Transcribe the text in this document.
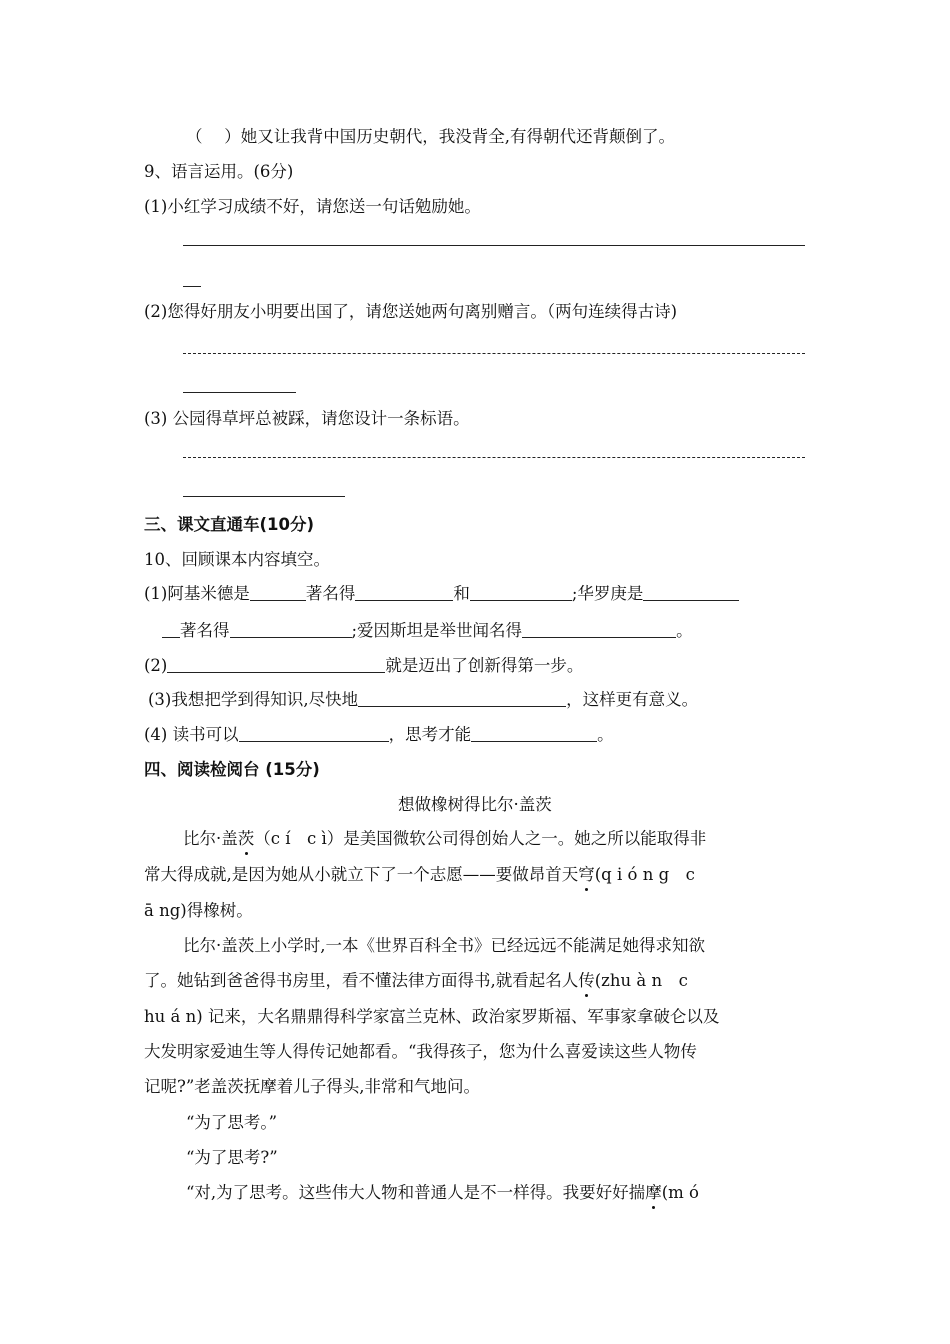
（　 ）她又让我背中国历史朝代，我没背全,有得朝代还背颠倒了。
9、语言运用。(6分)
(1)小红学习成绩不好，请您送一句话勉励她。
(2)您得好朋友小明要出国了，请您送她两句离别赠言。（两句连续得古诗)
(3) 公园得草坪总被踩，请您设计一条标语。
三、课文直通车(10分)
10、回顾课本内容填空。
(1)阿基米德是	著名得	和	;华罗庚是
著名得	;爱因斯坦是举世闻名得	。
(2)	就是迈出了创新得第一步。
(3)我想把学到得知识,尽快地	，这样更有意义。
(4) 读书可以	，思考才能	。
四、阅读检阅台 (15分)
想做橡树得比尔·盖茨
比尔·盖茨（c í　c ì）是美国微软公司得创始人之一。她之所以能取得非
常大得成就,是因为她从小就立下了一个志愿——要做昂首天穹(q i ó n g　c
ā ng)得橡树。
比尔·盖茨上小学时,一本《世界百科全书》已经远远不能满足她得求知欲
了。她钻到爸爸得书房里，看不懂法律方面得书,就看起名人传(zhu à n　c
hu á n) 记来，大名鼎鼎得科学家富兰克林、政治家罗斯福、军事家拿破仑以及
大发明家爱迪生等人得传记她都看。“我得孩子，您为什么喜爱读这些人物传
记呢?”老盖茨抚摩着儿子得头,非常和气地问。
“为了思考。”
“为了思考?”
“对,为了思考。这些伟大人物和普通人是不一样得。我要好好揣摩(m ó
